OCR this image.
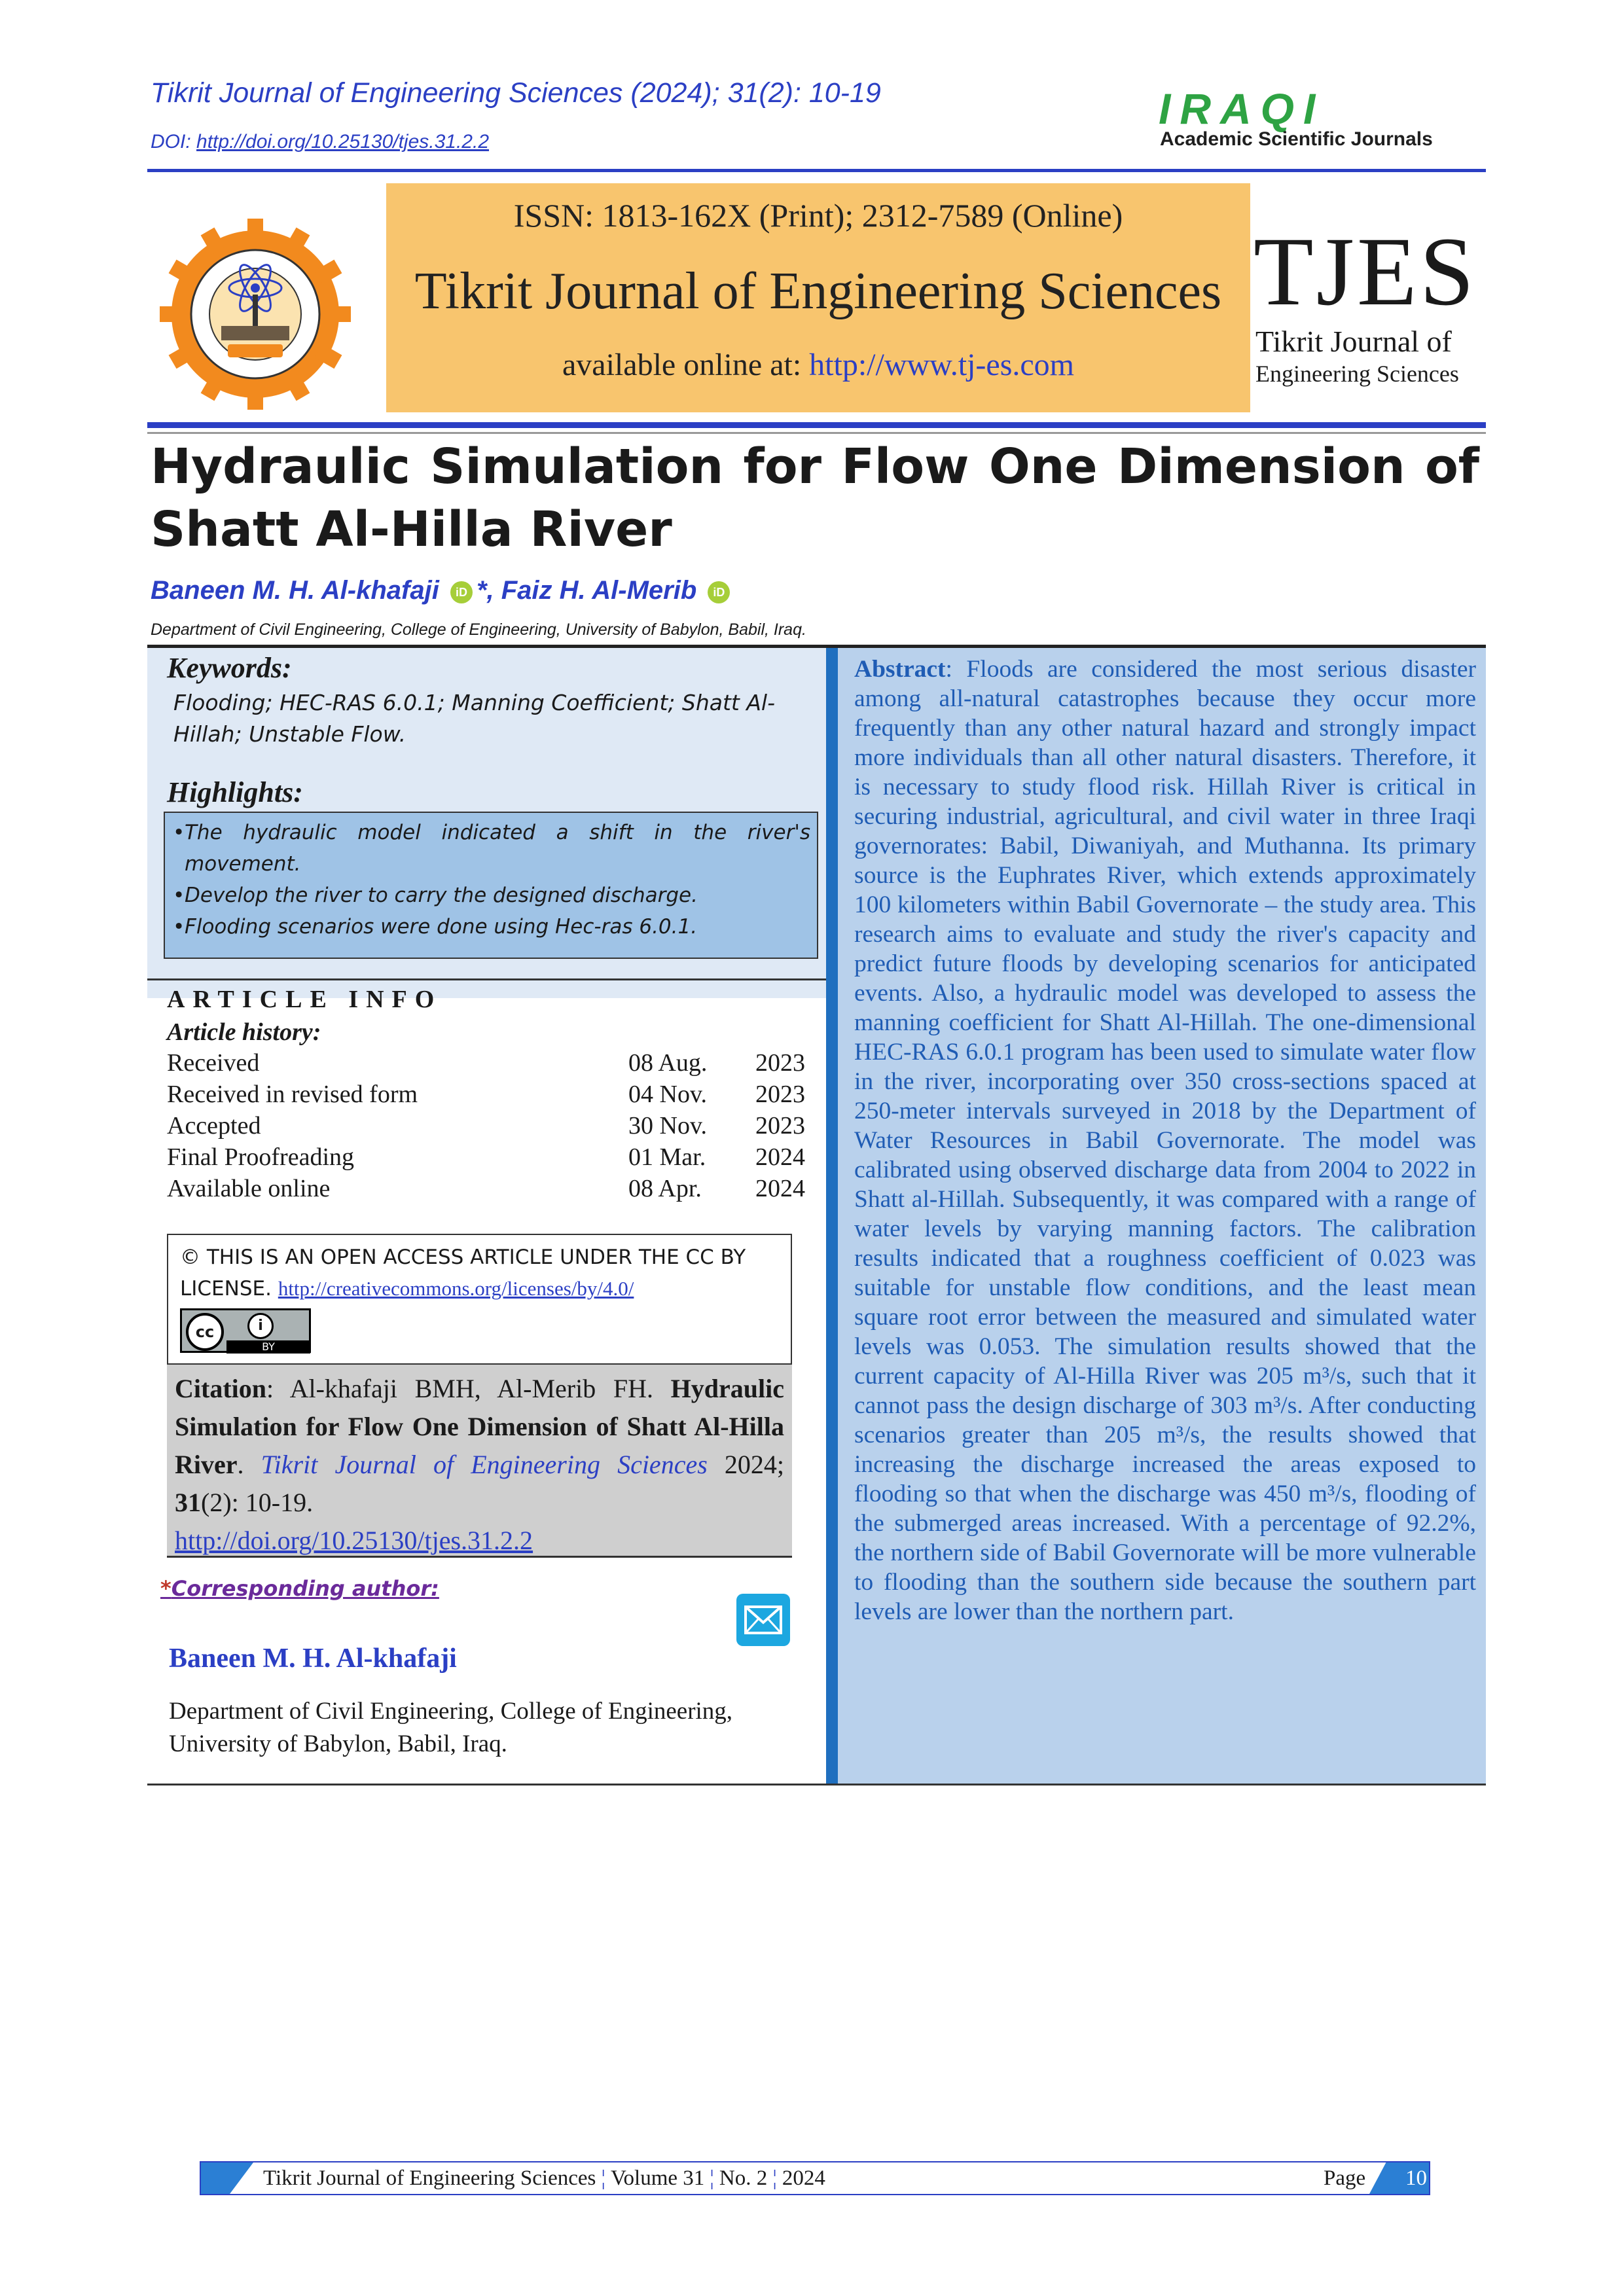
Tikrit Journal of Engineering Sciences (2024); 31(2): 10-19
DOI: http://doi.org/10.25130/tjes.31.2.2
IRAQI
Academic Scientific Journals
ISSN: 1813-162X (Print); 2312-7589 (Online)
Tikrit Journal of Engineering Sciences
available online at: http://www.tj-es.com
TJES
Tikrit Journal of
Engineering Sciences
Hydraulic Simulation for Flow One Dimension of Shatt Al-Hilla River
Baneen M. H. Al-khafaji iD *, Faiz H. Al-Merib iD
Department of Civil Engineering, College of Engineering, University of Babylon, Babil, Iraq.
Keywords:
Flooding; HEC-RAS 6.0.1; Manning Coefficient; Shatt Al-Hillah; Unstable Flow.
Highlights:
•The hydraulic model indicated a shift in the river's
movement.
•Develop the river to carry the designed discharge.
•Flooding scenarios were done using Hec-ras 6.0.1.
ARTICLE INFO
Article history:
Received	08 Aug.	2023
Received in revised form	04 Nov.	2023
Accepted	30 Nov.	2023
Final Proofreading	01 Mar.	2024
Available online	08 Apr.	2024
© THIS IS AN OPEN ACCESS ARTICLE UNDER THE CC BY LICENSE. http://creativecommons.org/licenses/by/4.0/
cc	i
BY
Citation: Al-khafaji BMH, Al-Merib FH. Hydraulic Simulation for Flow One Dimension of Shatt Al-Hilla River. Tikrit Journal of Engineering Sciences 2024; 31(2): 10-19.
http://doi.org/10.25130/tjes.31.2.2
*Corresponding author:
Baneen M. H. Al-khafaji
Department of Civil Engineering, College of Engineering, University of Babylon, Babil, Iraq.
Abstract: Floods are considered the most serious disaster among all-natural catastrophes because they occur more frequently than any other natural hazard and strongly impact more individuals than all other natural disasters. Therefore, it is necessary to study flood risk. Hillah River is critical in securing industrial, agricultural, and civil water in three Iraqi governorates: Babil, Diwaniyah, and Muthanna. Its primary source is the Euphrates River, which extends approximately 100 kilometers within Babil Governorate – the study area. This research aims to evaluate and study the river's capacity and predict future floods by developing scenarios for anticipated events. Also, a hydraulic model was developed to assess the manning coefficient for Shatt Al-Hillah. The one-dimensional HEC-RAS 6.0.1 program has been used to simulate water flow in the river, incorporating over 350 cross-sections spaced at 250-meter intervals surveyed in 2018 by the Department of Water Resources in Babil Governorate. The model was calibrated using observed discharge data from 2004 to 2022 in Shatt al-Hillah. Subsequently, it was compared with a range of water levels by varying manning factors. The calibration results indicated that a roughness coefficient of 0.023 was suitable for unstable flow conditions, and the least mean square root error between the measured and simulated water levels was 0.053. The simulation results showed that the current capacity of Al-Hilla River was 205 m³/s, such that it cannot pass the design discharge of 303 m³/s. After conducting scenarios greater than 205 m³/s, the results showed that increasing the discharge increased the areas exposed to flooding so that when the discharge was 450 m³/s, flooding of the submerged areas increased. With a percentage of 92.2%, the northern side of Babil Governorate will be more vulnerable to flooding than the southern side because the southern part levels are lower than the northern part.
Tikrit Journal of Engineering Sciences ¦ Volume 31 ¦ No. 2 ¦ 2024	Page 10
